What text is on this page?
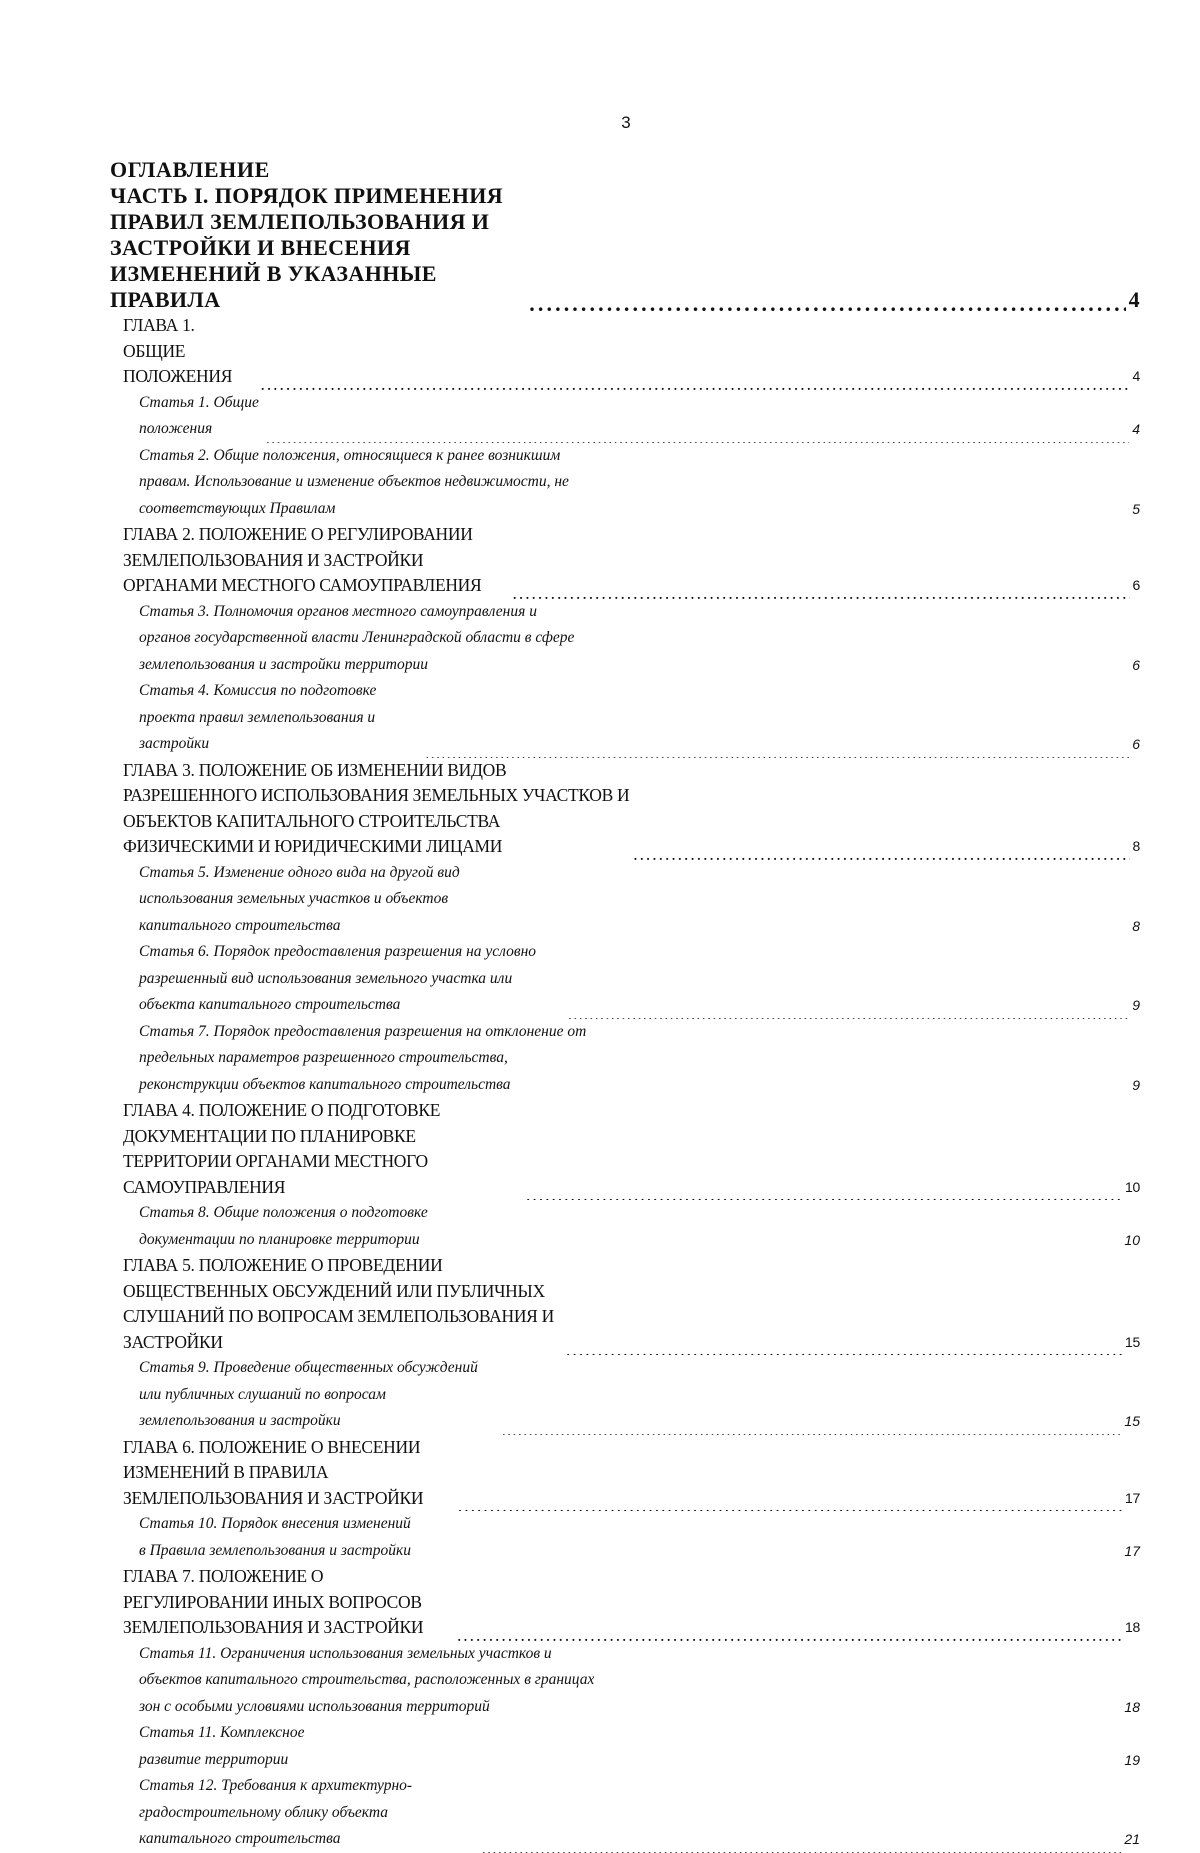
3
ОГЛАВЛЕНИЕ
ЧАСТЬ I. ПОРЯДОК ПРИМЕНЕНИЯ ПРАВИЛ ЗЕМЛЕПОЛЬЗОВАНИЯ И ЗАСТРОЙКИ И ВНЕСЕНИЯ ИЗМЕНЕНИЙ В УКАЗАННЫЕ ПРАВИЛА . . .	4
ГЛАВА 1. ОБЩИЕ ПОЛОЖЕНИЯ . . .	4
Статья 1. Общие положения . . .	4
Статья 2. Общие положения, относящиеся к ранее возникшим правам. Использование и изменение объектов недвижимости, не соответствующих Правилам . . .	5
ГЛАВА 2. ПОЛОЖЕНИЕ О РЕГУЛИРОВАНИИ ЗЕМЛЕПОЛЬЗОВАНИЯ И ЗАСТРОЙКИ ОРГАНАМИ МЕСТНОГО САМОУПРАВЛЕНИЯ . . .	6
Статья 3. Полномочия органов местного самоуправления и органов государственной власти Ленинградской области в сфере землепользования и застройки территории . . .	6
Статья 4. Комиссия по подготовке проекта правил землепользования и застройки . . .	6
ГЛАВА 3. ПОЛОЖЕНИЕ ОБ ИЗМЕНЕНИИ ВИДОВ РАЗРЕШЕННОГО ИСПОЛЬЗОВАНИЯ ЗЕМЕЛЬНЫХ УЧАСТКОВ И ОБЪЕКТОВ КАПИТАЛЬНОГО СТРОИТЕЛЬСТВА ФИЗИЧЕСКИМИ И ЮРИДИЧЕСКИМИ ЛИЦАМИ . . .	8
Статья 5. Изменение одного вида на другой вид использования земельных участков и объектов капитального строительства . . .	8
Статья 6. Порядок предоставления разрешения на условно разрешенный вид использования земельного участка или объекта капитального строительства . . .	9
Статья 7. Порядок предоставления разрешения на отклонение от предельных параметров разрешенного строительства, реконструкции объектов капитального строительства . . .	9
ГЛАВА 4. ПОЛОЖЕНИЕ О ПОДГОТОВКЕ ДОКУМЕНТАЦИИ ПО ПЛАНИРОВКЕ ТЕРРИТОРИИ ОРГАНАМИ МЕСТНОГО САМОУПРАВЛЕНИЯ . . .	10
Статья 8. Общие положения о подготовке документации по планировке территории . . .	10
ГЛАВА 5. ПОЛОЖЕНИЕ О ПРОВЕДЕНИИ ОБЩЕСТВЕННЫХ ОБСУЖДЕНИЙ ИЛИ ПУБЛИЧНЫХ СЛУШАНИЙ ПО ВОПРОСАМ ЗЕМЛЕПОЛЬЗОВАНИЯ И ЗАСТРОЙКИ . . .	15
Статья 9. Проведение общественных обсуждений или публичных слушаний по вопросам землепользования и застройки . . .	15
ГЛАВА 6. ПОЛОЖЕНИЕ О ВНЕСЕНИИ ИЗМЕНЕНИЙ В ПРАВИЛА ЗЕМЛЕПОЛЬЗОВАНИЯ И ЗАСТРОЙКИ . . .	17
Статья 10. Порядок внесения изменений в Правила землепользования и застройки . . .	17
ГЛАВА 7. ПОЛОЖЕНИЕ О РЕГУЛИРОВАНИИ ИНЫХ ВОПРОСОВ ЗЕМЛЕПОЛЬЗОВАНИЯ И ЗАСТРОЙКИ . . .	18
Статья 11. Ограничения использования земельных участков и объектов капитального строительства, расположенных в границах зон с особыми условиями использования территорий . . .	18
Статья 11. Комплексное развитие территории . . .	19
Статья 12. Требования к архитектурно-градостроительному облику объекта капитального строительства . . .	21
